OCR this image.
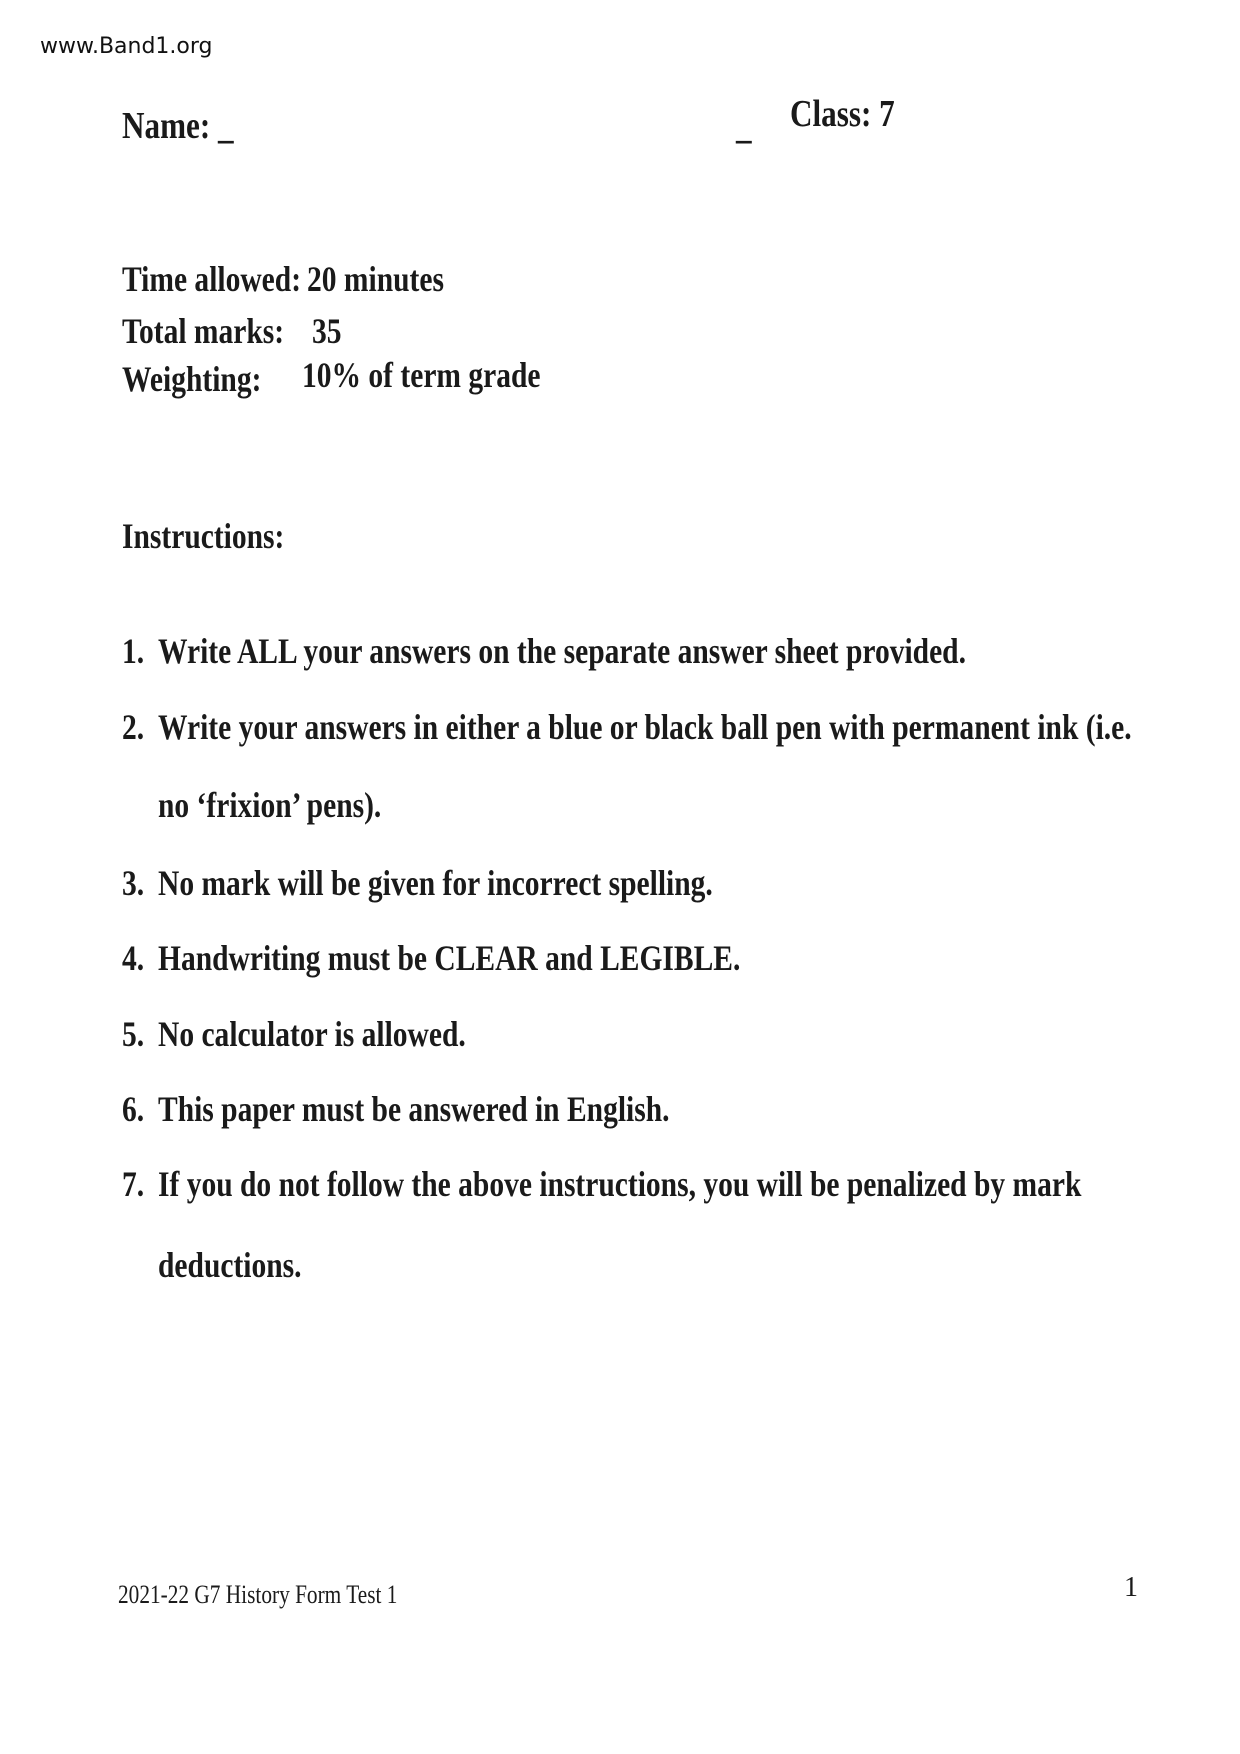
www.Band1.org
Name: _	_ Class: 7
Time allowed: 20 minutes
Total marks: 35
Weighting: 10% of term grade
Instructions:
1. Write ALL your answers on the separate answer sheet provided.
2. Write your answers in either a blue or black ball pen with permanent ink (i.e.
no ‘frixion’ pens).
3. No mark will be given for incorrect spelling.
4. Handwriting must be CLEAR and LEGIBLE.
5. No calculator is allowed.
6. This paper must be answered in English.
7. If you do not follow the above instructions, you will be penalized by mark
deductions.
2021-22 G7 History Form Test 1	1
